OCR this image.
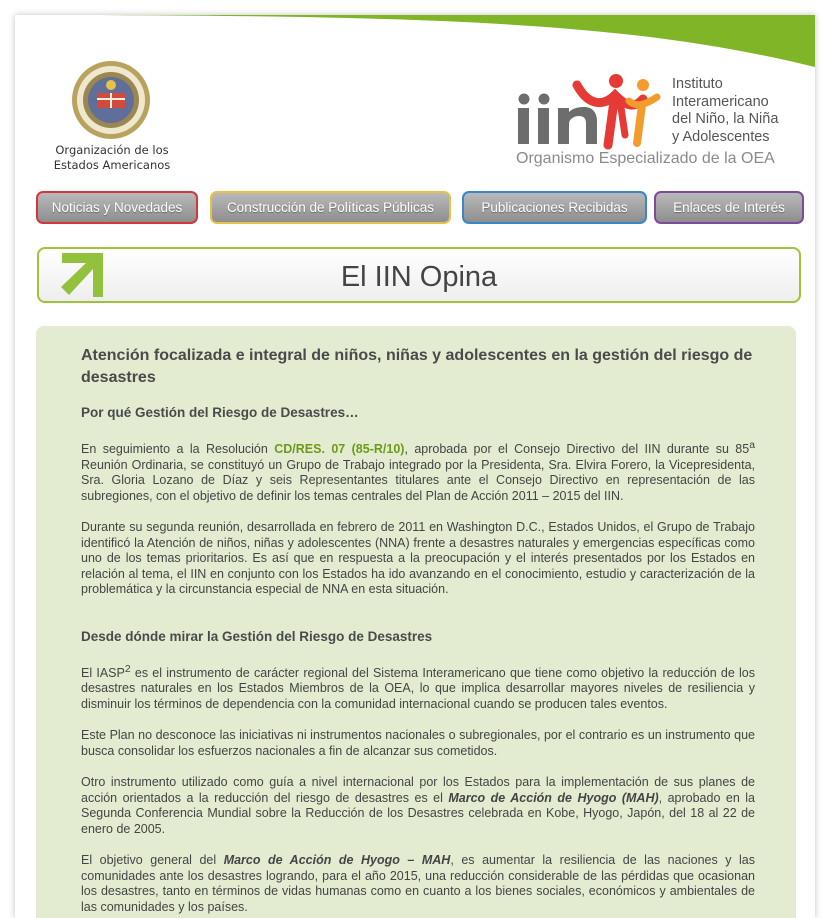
Organización de los
Estados Americanos
Instituto
Interamericano
del Niño, la Niña
y Adolescentes
Organismo Especializado de la OEA
Noticias y Novedades	Construcción de Políticas Públicas	Publicaciones Recibidas	Enlaces de Interés
El IIN Opina

Atención focalizada e integral de niños, niñas y adolescentes en la gestión del riesgo de desastres

Por qué Gestión del Riesgo de Desastres…

En seguimiento a la Resolución CD/RES. 07 (85-R/10), aprobada por el Consejo Directivo del IIN durante su 85$^a$ Reunión Ordinaria, se constituyó un Grupo de Trabajo integrado por la Presidenta, Sra. Elvira Forero, la Vicepresidenta, Sra. Gloria Lozano de Díaz y seis Representantes titulares ante el Consejo Directivo en representación de las subregiones, con el objetivo de definir los temas centrales del Plan de Acción 2011 – 2015 del IIN.

Durante su segunda reunión, desarrollada en febrero de 2011 en Washington D.C., Estados Unidos, el Grupo de Trabajo identificó la Atención de niños, niñas y adolescentes (NNA) frente a desastres naturales y emergencias específicas como uno de los temas prioritarios. Es así que en respuesta a la preocupación y el interés presentados por los Estados en relación al tema, el IIN en conjunto con los Estados ha ido avanzando en el conocimiento, estudio y caracterización de la problemática y la circunstancia especial de NNA en esta situación.

Desde dónde mirar la Gestión del Riesgo de Desastres

El IASP$^2$ es el instrumento de carácter regional del Sistema Interamericano que tiene como objetivo la reducción de los desastres naturales en los Estados Miembros de la OEA, lo que implica desarrollar mayores niveles de resiliencia y disminuir los términos de dependencia con la comunidad internacional cuando se producen tales eventos.

Este Plan no desconoce las iniciativas ni instrumentos nacionales o subregionales, por el contrario es un instrumento que busca consolidar los esfuerzos nacionales a fin de alcanzar sus cometidos.

Otro instrumento utilizado como guía a nivel internacional por los Estados para la implementación de sus planes de acción orientados a la reducción del riesgo de desastres es el Marco de Acción de Hyogo (MAH), aprobado en la Segunda Conferencia Mundial sobre la Reducción de los Desastres celebrada en Kobe, Hyogo, Japón, del 18 al 22 de enero de 2005.

El objetivo general del Marco de Acción de Hyogo – MAH, es aumentar la resiliencia de las naciones y las comunidades ante los desastres logrando, para el año 2015, una reducción considerable de las pérdidas que ocasionan los desastres, tanto en términos de vidas humanas como en cuanto a los bienes sociales, económicos y ambientales de las comunidades y los países.
